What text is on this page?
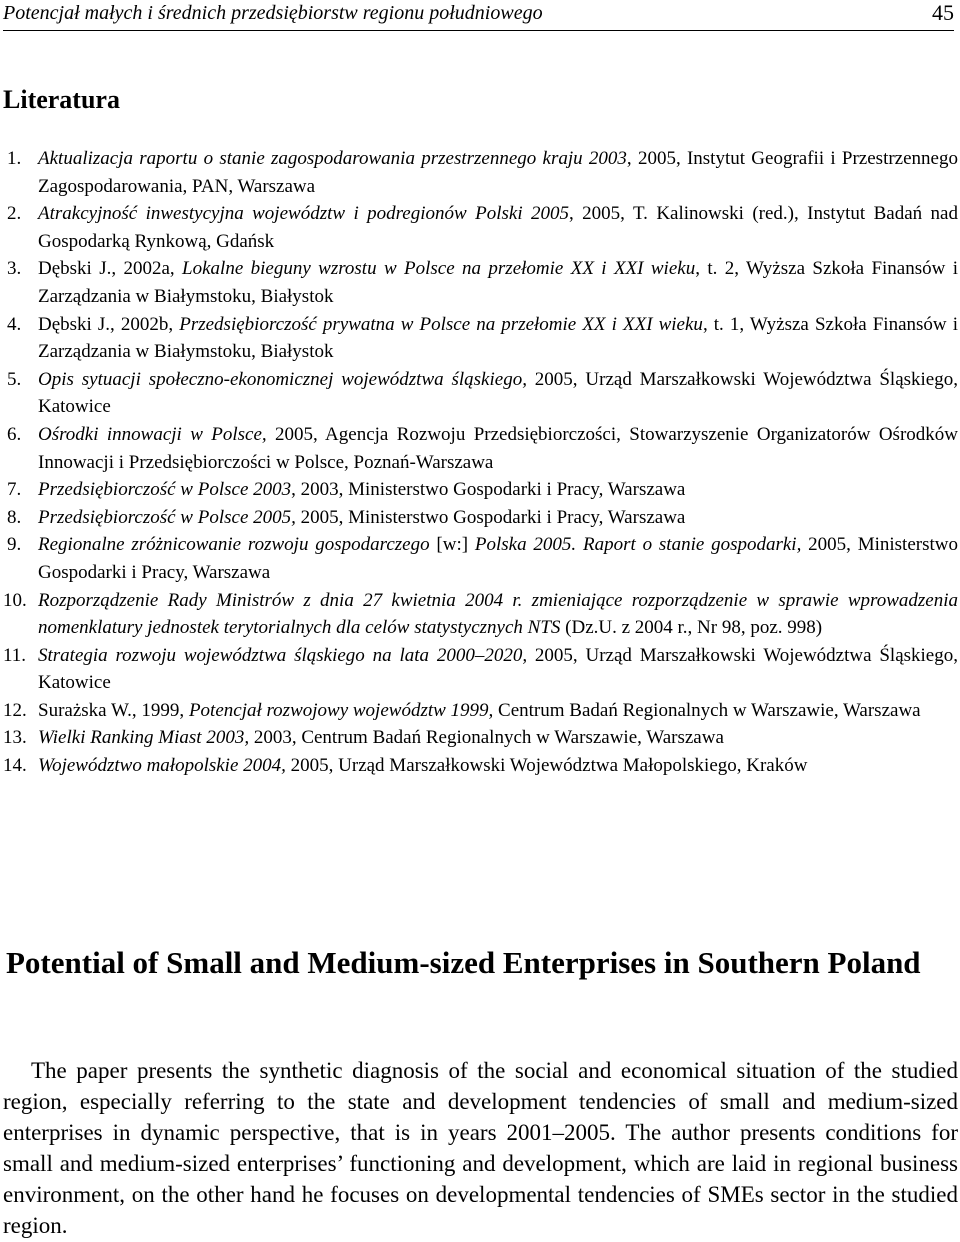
Potencjał małych i średnich przedsiębiorstw regionu południowego	45
Literatura
1. Aktualizacja raportu o stanie zagospodarowania przestrzennego kraju 2003, 2005, Instytut Geografii i Przestrzennego Zagospodarowania, PAN, Warszawa
2. Atrakcyjność inwestycyjna województw i podregionów Polski 2005, 2005, T. Kalinowski (red.), Instytut Badań nad Gospodarką Rynkową, Gdańsk
3. Dębski J., 2002a, Lokalne bieguny wzrostu w Polsce na przełomie XX i XXI wieku, t. 2, Wyższa Szkoła Finansów i Zarządzania w Białymstoku, Białystok
4. Dębski J., 2002b, Przedsiębiorczość prywatna w Polsce na przełomie XX i XXI wieku, t. 1, Wyższa Szkoła Finansów i Zarządzania w Białymstoku, Białystok
5. Opis sytuacji społeczno-ekonomicznej województwa śląskiego, 2005, Urząd Marszałkowski Województwa Śląskiego, Katowice
6. Ośrodki innowacji w Polsce, 2005, Agencja Rozwoju Przedsiębiorczości, Stowarzyszenie Organizatorów Ośrodków Innowacji i Przedsiębiorczości w Polsce, Poznań-Warszawa
7. Przedsiębiorczość w Polsce 2003, 2003, Ministerstwo Gospodarki i Pracy, Warszawa
8. Przedsiębiorczość w Polsce 2005, 2005, Ministerstwo Gospodarki i Pracy, Warszawa
9. Regionalne zróżnicowanie rozwoju gospodarczego [w:] Polska 2005. Raport o stanie gospodarki, 2005, Ministerstwo Gospodarki i Pracy, Warszawa
10. Rozporządzenie Rady Ministrów z dnia 27 kwietnia 2004 r. zmieniające rozporządzenie w sprawie wprowadzenia nomenklatury jednostek terytorialnych dla celów statystycznych NTS (Dz.U. z 2004 r., Nr 98, poz. 998)
11. Strategia rozwoju województwa śląskiego na lata 2000–2020, 2005, Urząd Marszałkowski Województwa Śląskiego, Katowice
12. Surażska W., 1999, Potencjał rozwojowy województw 1999, Centrum Badań Regionalnych w Warszawie, Warszawa
13. Wielki Ranking Miast 2003, 2003, Centrum Badań Regionalnych w Warszawie, Warszawa
14. Województwo małopolskie 2004, 2005, Urząd Marszałkowski Województwa Małopolskiego, Kraków
Potential of Small and Medium-sized Enterprises in Southern Poland

The paper presents the synthetic diagnosis of the social and economical situation of the studied region, especially referring to the state and development tendencies of small and medium-sized enterprises in dynamic perspective, that is in years 2001–2005. The author presents conditions for small and medium-sized enterprises’ functioning and development, which are laid in regional business environment, on the other hand he focuses on developmental tendencies of SMEs sector in the studied region.
